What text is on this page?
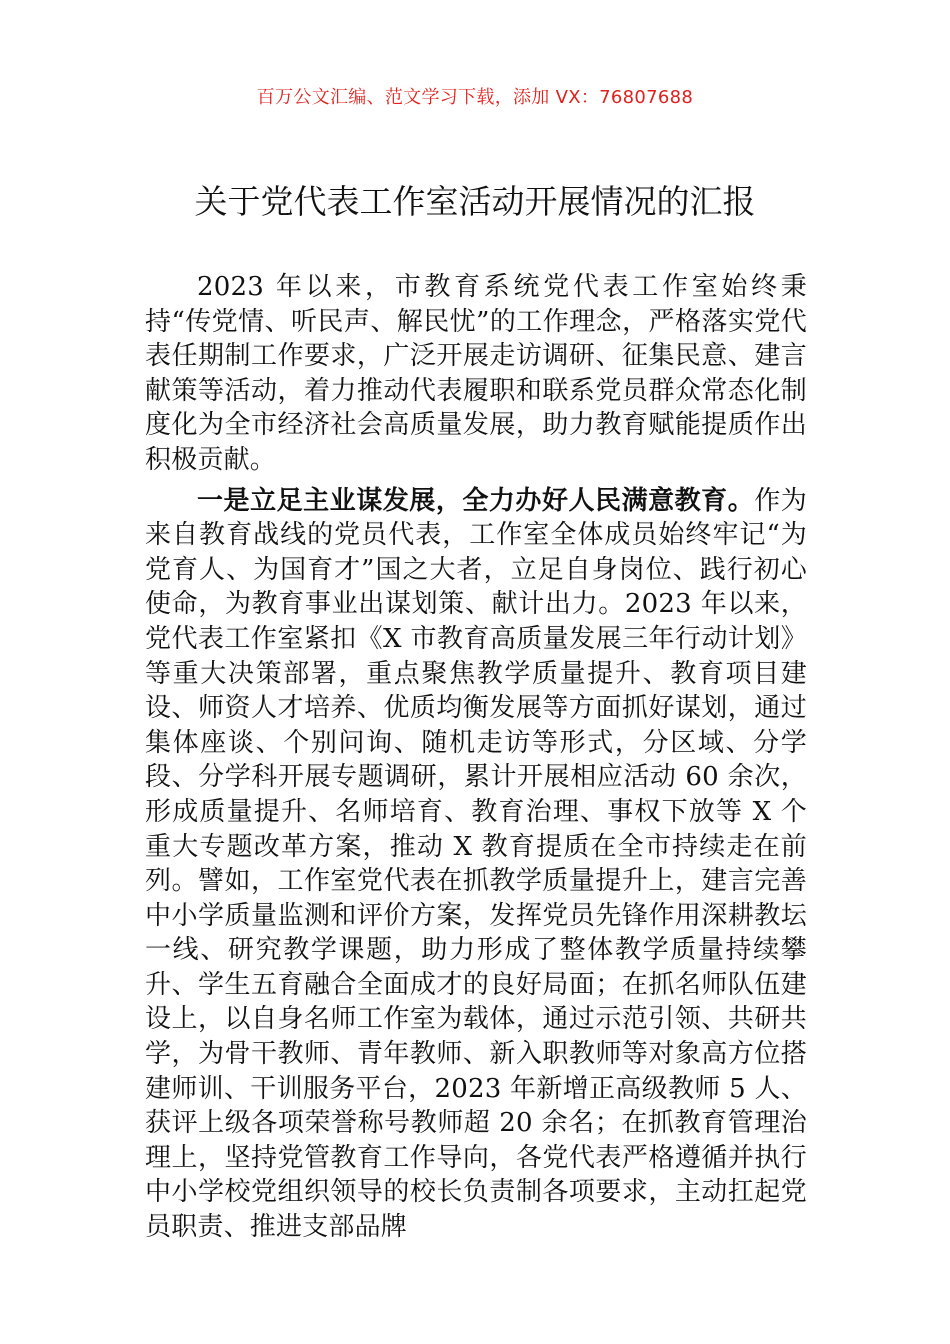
百万公文汇编、范文学习下载，添加 VX：76807688
关于党代表工作室活动开展情况的汇报

2023 年以来，市教育系统党代表工作室始终秉持“传党情、听民声、解民忧”的工作理念，严格落实党代表任期制工作要求，广泛开展走访调研、征集民意、建言献策等活动，着力推动代表履职和联系党员群众常态化制度化为全市经济社会高质量发展，助力教育赋能提质作出积极贡献。

一是立足主业谋发展，全力办好人民满意教育。作为来自教育战线的党员代表，工作室全体成员始终牢记“为党育人、为国育才”国之大者，立足自身岗位、践行初心使命，为教育事业出谋划策、献计出力。2023 年以来，党代表工作室紧扣《X 市教育高质量发展三年行动计划》等重大决策部署，重点聚焦教学质量提升、教育项目建设、师资人才培养、优质均衡发展等方面抓好谋划，通过集体座谈、个别问询、随机走访等形式，分区域、分学段、分学科开展专题调研，累计开展相应活动 60 余次，形成质量提升、名师培育、教育治理、事权下放等 X 个重大专题改革方案，推动 X 教育提质在全市持续走在前列。譬如，工作室党代表在抓教学质量提升上，建言完善中小学质量监测和评价方案，发挥党员先锋作用深耕教坛一线、研究教学课题，助力形成了整体教学质量持续攀升、学生五育融合全面成才的良好局面；在抓名师队伍建设上，以自身名师工作室为载体，通过示范引领、共研共学，为骨干教师、青年教师、新入职教师等对象高方位搭建师训、干训服务平台，2023 年新增正高级教师 5 人、获评上级各项荣誉称号教师超 20 余名；在抓教育管理治理上，坚持党管教育工作导向，各党代表严格遵循并执行中小学校党组织领导的校长负责制各项要求，主动扛起党员职责、推进支部品牌
